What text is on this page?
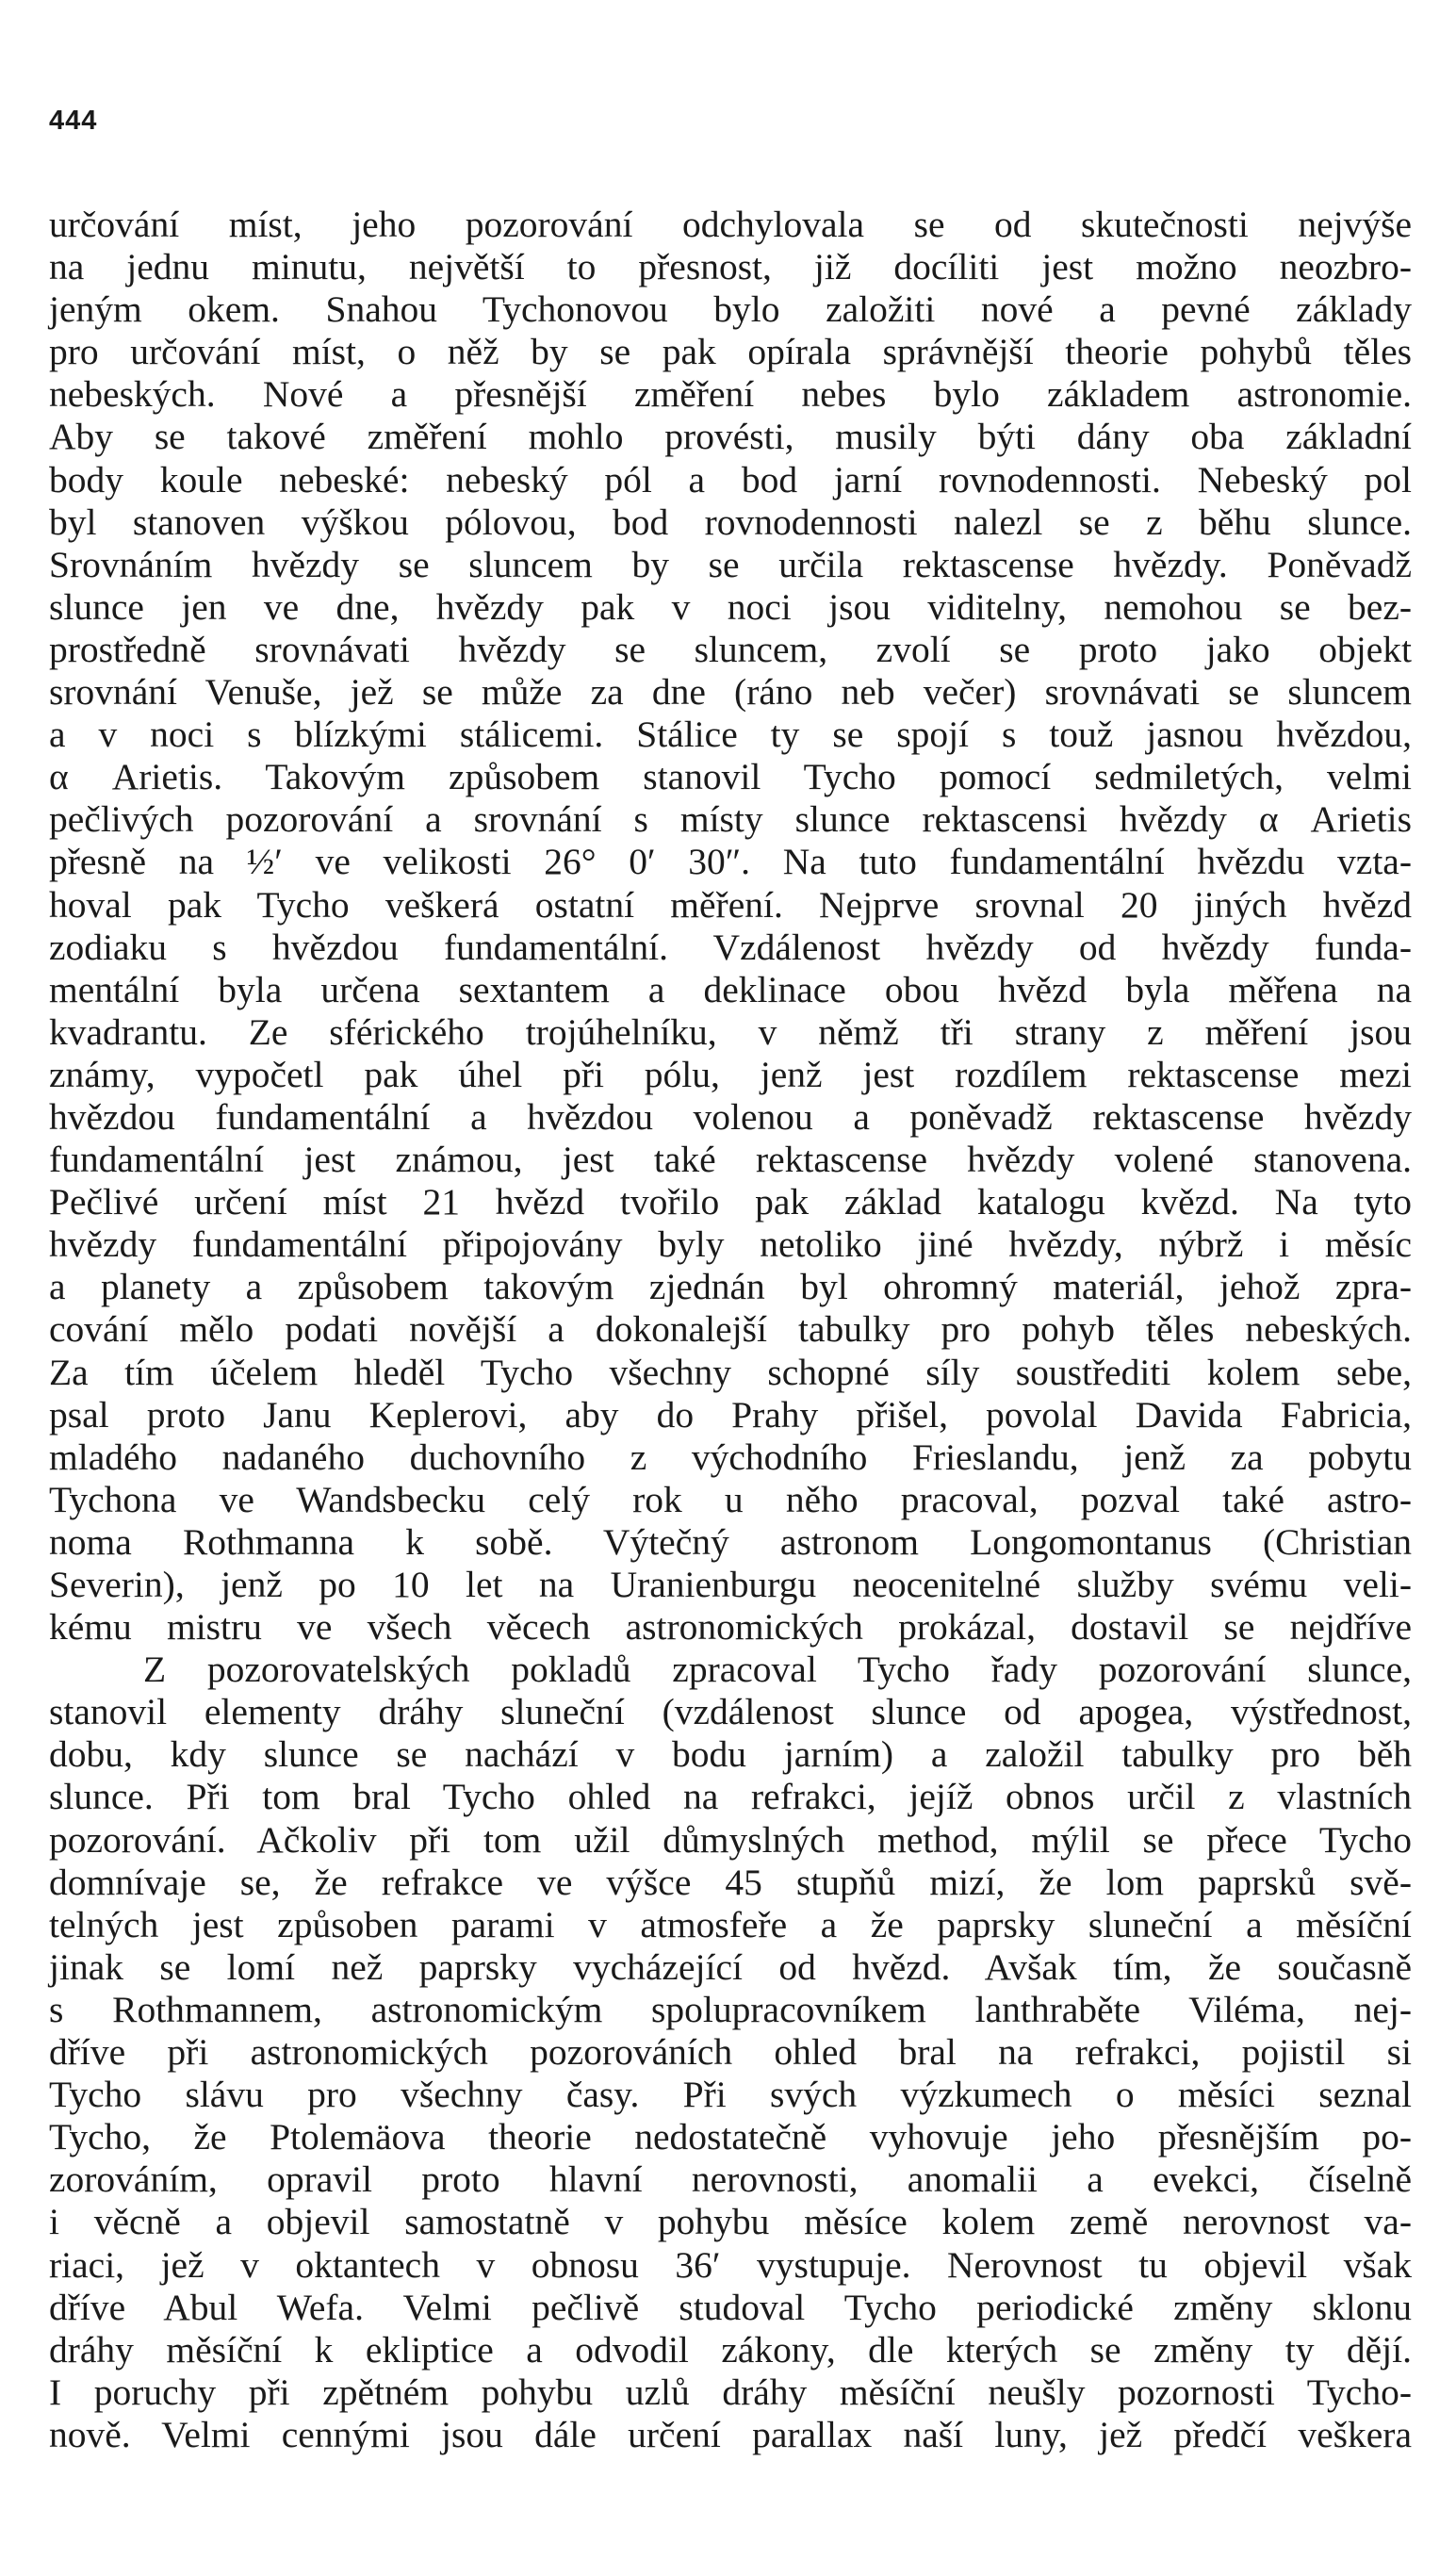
444
určování míst, jeho pozorování odchylovala se od skutečnosti nejvýše
na jednu minutu, největší to přesnost, již docíliti jest možno neozbro-
jeným okem. Snahou Tychonovou bylo založiti nové a pevné základy
pro určování míst, o něž by se pak opírala správnější theorie pohybů těles
nebeských. Nové a přesnější změření nebes bylo základem astronomie.
Aby se takové změření mohlo provésti, musily býti dány oba základní
body koule nebeské: nebeský pól a bod jarní rovnodennosti. Nebeský pol
byl stanoven výškou pólovou, bod rovnodennosti nalezl se z běhu slunce.
Srovnáním hvězdy se sluncem by se určila rektascense hvězdy. Poněvadž
slunce jen ve dne, hvězdy pak v noci jsou viditelny, nemohou se bez-
prostředně srovnávati hvězdy se sluncem, zvolí se proto jako objekt
srovnání Venuše, jež se může za dne (ráno neb večer) srovnávati se sluncem
a v noci s blízkými stálicemi. Stálice ty se spojí s touž jasnou hvězdou,
α Arietis. Takovým způsobem stanovil Tycho pomocí sedmiletých, velmi
pečlivých pozorování a srovnání s místy slunce rektascensi hvězdy α Arietis
přesně na ½′ ve velikosti 26° 0′ 30″. Na tuto fundamentální hvězdu vzta-
hoval pak Tycho veškerá ostatní měření. Nejprve srovnal 20 jiných hvězd
zodiaku s hvězdou fundamentální. Vzdálenost hvězdy od hvězdy funda-
mentální byla určena sextantem a deklinace obou hvězd byla měřena na
kvadrantu. Ze sférického trojúhelníku, v němž tři strany z měření jsou
známy, vypočetl pak úhel při pólu, jenž jest rozdílem rektascense mezi
hvězdou fundamentální a hvězdou volenou a poněvadž rektascense hvězdy
fundamentální jest známou, jest také rektascense hvězdy volené stanovena.
Pečlivé určení míst 21 hvězd tvořilo pak základ katalogu kvězd. Na tyto
hvězdy fundamentální připojovány byly netoliko jiné hvězdy, nýbrž i měsíc
a planety a způsobem takovým zjednán byl ohromný materiál, jehož zpra-
cování mělo podati novější a dokonalejší tabulky pro pohyb těles nebeských.
Za tím účelem hleděl Tycho všechny schopné síly soustřediti kolem sebe,
psal proto Janu Keplerovi, aby do Prahy přišel, povolal Davida Fabricia,
mladého nadaného duchovního z východního Frieslandu, jenž za pobytu
Tychona ve Wandsbecku celý rok u něho pracoval, pozval také astro-
noma Rothmanna k sobě. Výtečný astronom Longomontanus (Christian
Severin), jenž po 10 let na Uranienburgu neocenitelné služby svému veli-
kému mistru ve všech věcech astronomických prokázal, dostavil se nejdříve
Z pozorovatelských pokladů zpracoval Tycho řady pozorování slunce,
stanovil elementy dráhy sluneční (vzdálenost slunce od apogea, výstřednost,
dobu, kdy slunce se nachází v bodu jarním) a založil tabulky pro běh
slunce. Při tom bral Tycho ohled na refrakci, jejíž obnos určil z vlastních
pozorování. Ačkoliv při tom užil důmyslných method, mýlil se přece Tycho
domnívaje se, že refrakce ve výšce 45 stupňů mizí, že lom paprsků svě-
telných jest způsoben parami v atmosfeře a že paprsky sluneční a měsíční
jinak se lomí než paprsky vycházející od hvězd. Avšak tím, že současně
s Rothmannem, astronomickým spolupracovníkem lanthraběte Viléma, nej-
dříve při astronomických pozorováních ohled bral na refrakci, pojistil si
Tycho slávu pro všechny časy. Při svých výzkumech o měsíci seznal
Tycho, že Ptolemäova theorie nedostatečně vyhovuje jeho přesnějším po-
zorováním, opravil proto hlavní nerovnosti, anomalii a evekci, číselně
i věcně a objevil samostatně v pohybu měsíce kolem země nerovnost va-
riaci, jež v oktantech v obnosu 36′ vystupuje. Nerovnost tu objevil však
dříve Abul Wefa. Velmi pečlivě studoval Tycho periodické změny sklonu
dráhy měsíční k ekliptice a odvodil zákony, dle kterých se změny ty dějí.
I poruchy při zpětném pohybu uzlů dráhy měsíční neušly pozornosti Tycho-
nově. Velmi cennými jsou dále určení parallax naší luny, jež předčí veškera
